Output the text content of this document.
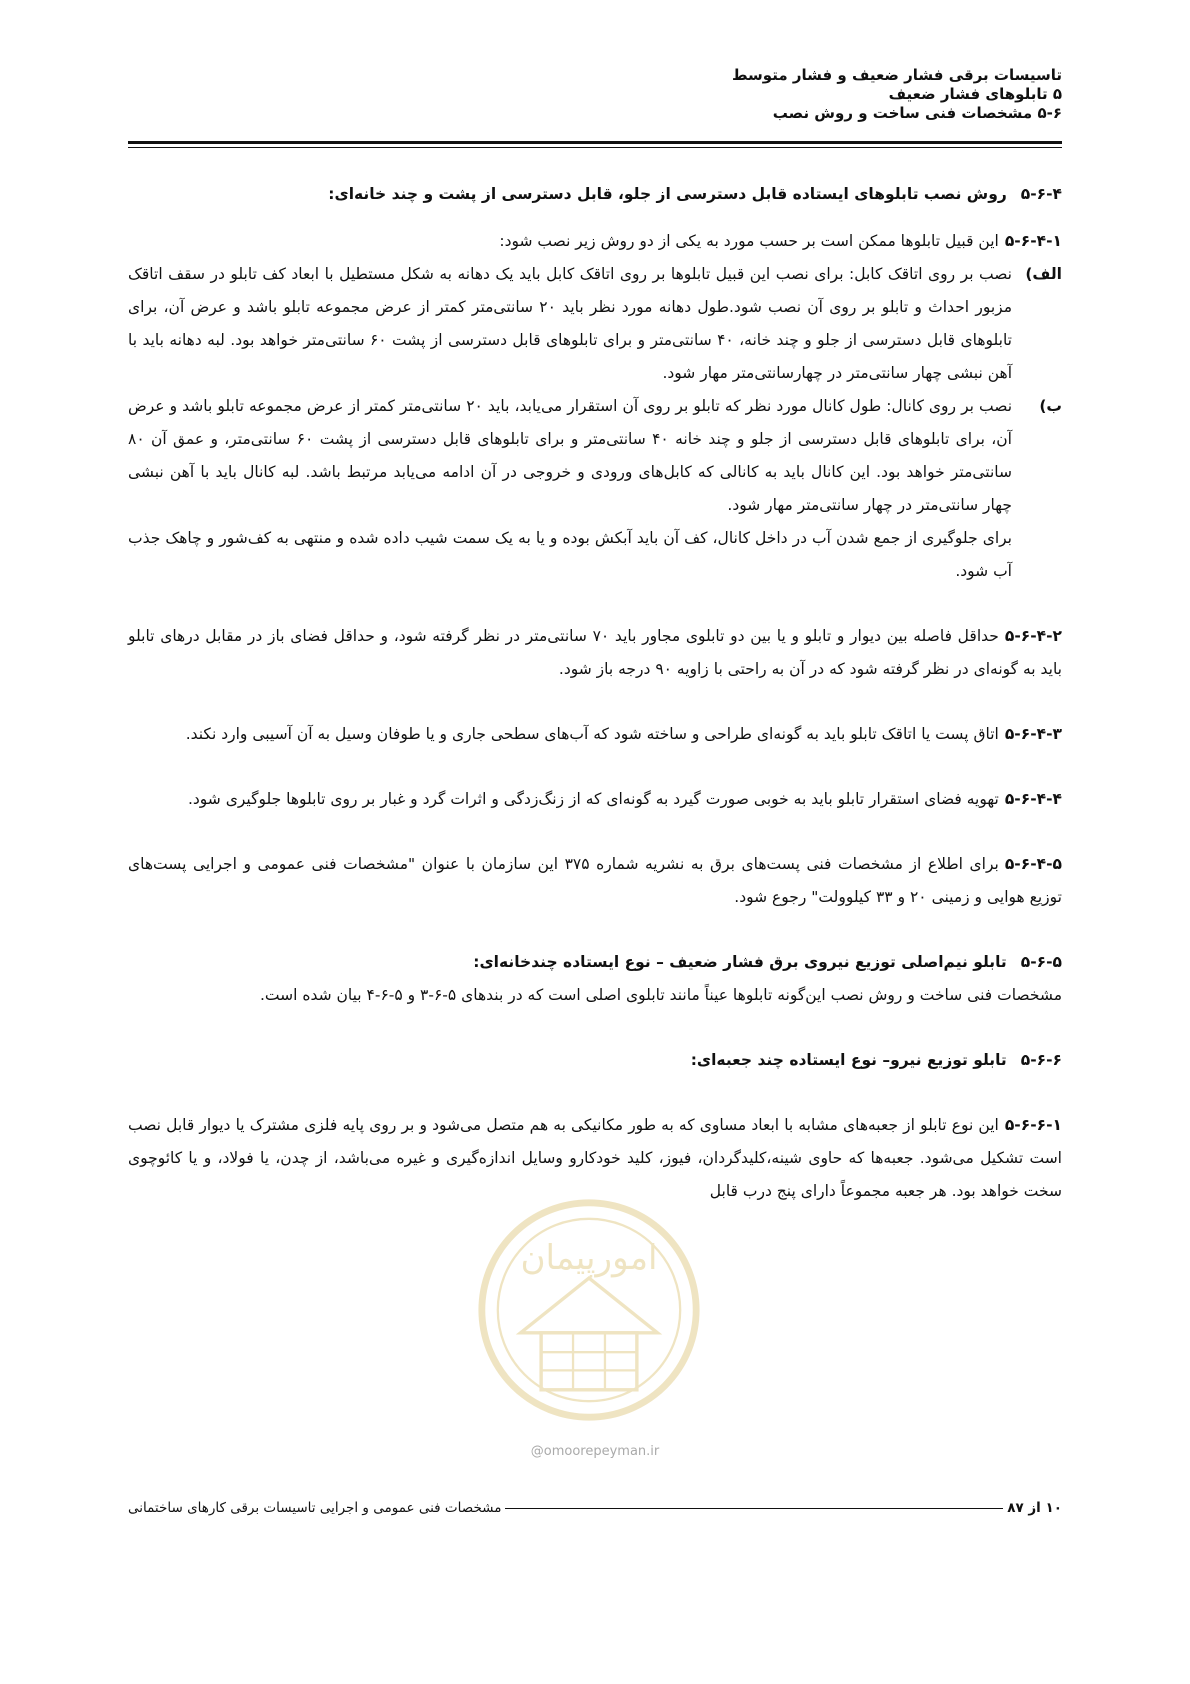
تاسیسات برقی فشار ضعیف و فشار متوسط
۵ تابلوهای فشار ضعیف
۵-۶ مشخصات فنی ساخت و روش نصب

۵-۶-۴روش نصب تابلوهای ایستاده قابل دسترسی از جلو، قابل دسترسی از پشت و چند خانه‌ای:

۵-۶-۴-۱این قبیل تابلوها ممکن است بر حسب مورد به یکی از دو روش زیر نصب شود:

الف)
نصب بر روی اتاقک کابل: برای نصب این قبیل تابلوها بر روی اتاقک کابل باید یک دهانه به شکل مستطیل با ابعاد کف تابلو در سقف اتاقک مزبور احداث و تابلو بر روی آن نصب شود.طول دهانه مورد نظر باید ۲۰ سانتی‌متر کمتر از عرض مجموعه تابلو باشد و عرض آن، برای تابلوهای قابل دسترسی از جلو و چند خانه، ۴۰ سانتی‌متر و برای تابلوهای قابل دسترسی از پشت ۶۰ سانتی‌متر خواهد بود. لبه دهانه باید با آهن نبشی چهار سانتی‌متر در چهارسانتی‌متر مهار شود.
ب)
نصب بر روی کانال: طول کانال مورد نظر که تابلو بر روی آن استقرار می‌یابد، باید ۲۰ سانتی‌متر کمتر از عرض مجموعه تابلو باشد و عرض آن، برای تابلوهای قابل دسترسی از جلو و چند خانه ۴۰ سانتی‌متر و برای تابلوهای قابل دسترسی از پشت ۶۰ سانتی‌متر، و عمق آن ۸۰ سانتی‌متر خواهد بود. این کانال باید به کانالی که کابل‌های ورودی و خروجی در آن ادامه می‌یابد مرتبط باشد. لبه کانال باید با آهن نبشی چهار سانتی‌متر در چهار سانتی‌متر مهار شود.

برای جلوگیری از جمع شدن آب در داخل کانال، کف آن باید آبکش بوده و یا به یک سمت شیب داده شده و منتهی به کف‌شور و چاهک جذب آب شود.

۵-۶-۴-۲حداقل فاصله بین دیوار و تابلو و یا بین دو تابلوی مجاور باید ۷۰ سانتی‌متر در نظر گرفته شود، و حداقل فضای باز در مقابل درهای تابلو باید به گونه‌ای در نظر گرفته شود که در آن به راحتی با زاویه ۹۰ درجه باز شود.

۵-۶-۴-۳اتاق پست یا اتاقک تابلو باید به گونه‌ای طراحی و ساخته شود که آب‌های سطحی جاری و یا طوفان وسیل به آن آسیبی وارد نکند.

۵-۶-۴-۴تهویه فضای استقرار تابلو باید به خوبی صورت گیرد به گونه‌ای که از زنگ‌زدگی و اثرات گرد و غبار بر روی تابلوها جلوگیری شود.

۵-۶-۴-۵برای اطلاع از مشخصات فنی پست‌های برق به نشریه شماره ۳۷۵ این سازمان با عنوان "مشخصات فنی عمومی و اجرایی پست‌های توزیع هوایی و زمینی ۲۰ و ۳۳ کیلوولت" رجوع شود.

۵-۶-۵تابلو نیم‌اصلی توزیع نیروی برق فشار ضعیف – نوع ایستاده چندخانه‌ای:

مشخصات فنی ساخت و روش نصب این‌گونه تابلوها عیناً مانند تابلوی اصلی است که در بندهای ۵-۶-۳ و ۵-۶-۴ بیان شده است.

۵-۶-۶تابلو توزیع نیرو– نوع ایستاده چند جعبه‌ای:

۵-۶-۶-۱این نوع تابلو از جعبه‌های مشابه با ابعاد مساوی که به طور مکانیکی به هم متصل می‌شود و بر روی پایه فلزی مشترک یا دیوار قابل نصب است تشکیل می‌شود. جعبه‌ها که حاوی شینه،کلیدگردان، فیوز، کلید خودکارو وسایل اندازه‌گیری و غیره می‌باشد، از چدن، یا فولاد، و یا کائوچوی سخت خواهد بود. هر جعبه مجموعاً دارای پنج درب قابل

امورپیمان
@omoorepeyman.ir
۱۰ از ۸۷
مشخصات فنی عمومی و اجرایی تاسیسات برقی کارهای ساختمانی
